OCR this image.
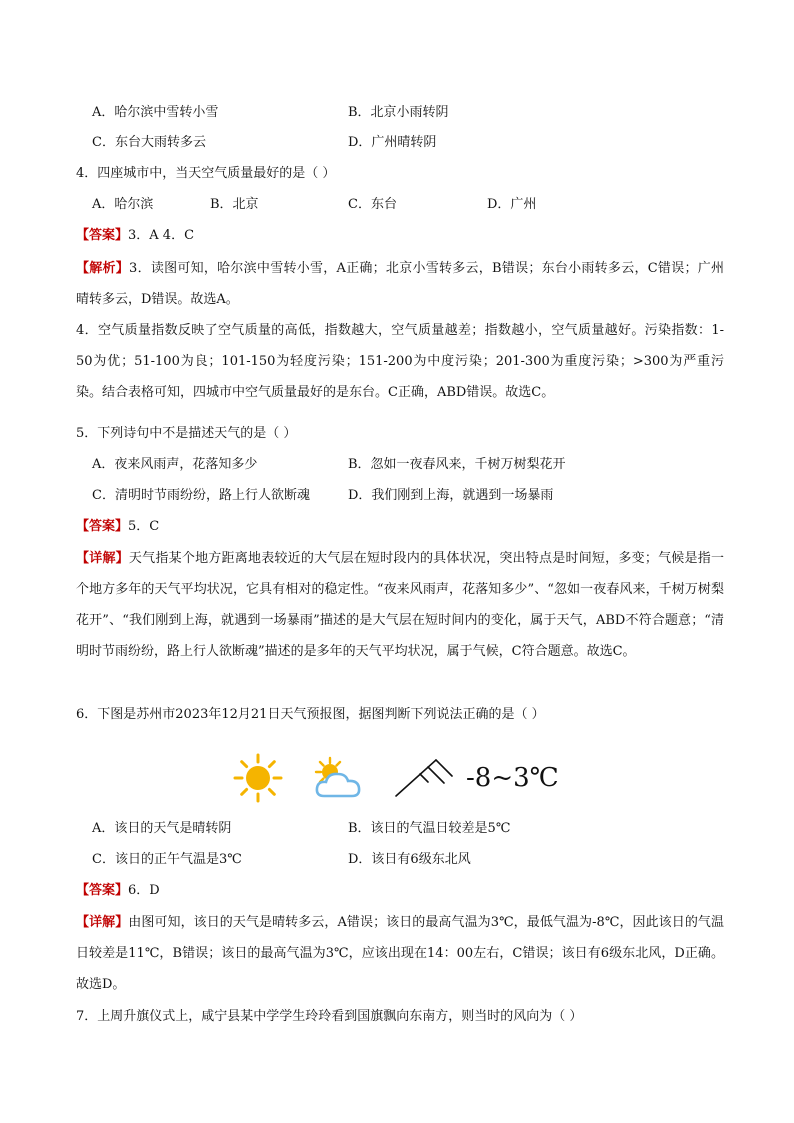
A．哈尔滨中雪转小雪	B．北京小雨转阴
C．东台大雨转多云	D．广州晴转阴
4．四座城市中，当天空气质量最好的是（ ）
A．哈尔滨	B．北京	C．东台	D．广州
【答案】3．A 4．C
【解析】3．读图可知，哈尔滨中雪转小雪，A正确；北京小雪转多云，B错误；东台小雨转多云，C错误；广州晴转多云，D错误。故选A。
4．空气质量指数反映了空气质量的高低，指数越大，空气质量越差；指数越小，空气质量越好。污染指数：1-50为优；51-100为良；101-150为轻度污染；151-200为中度污染；201-300为重度污染；>300为严重污染。结合表格可知，四城市中空气质量最好的是东台。C正确，ABD错误。故选C。
5．下列诗句中不是描述天气的是（ ）
A．夜来风雨声，花落知多少	B．忽如一夜春风来，千树万树梨花开
C．清明时节雨纷纷，路上行人欲断魂	D．我们刚到上海，就遇到一场暴雨
【答案】5．C
【详解】天气指某个地方距离地表较近的大气层在短时段内的具体状况，突出特点是时间短，多变；气候是指一个地方多年的天气平均状况，它具有相对的稳定性。“夜来风雨声，花落知多少”、“忽如一夜春风来，千树万树梨花开”、“我们刚到上海，就遇到一场暴雨”描述的是大气层在短时间内的变化，属于天气，ABD不符合题意；“清明时节雨纷纷，路上行人欲断魂”描述的是多年的天气平均状况，属于气候，C符合题意。故选C。
6．下图是苏州市2023年12月21日天气预报图，据图判断下列说法正确的是（ ）
-8~3℃
A．该日的天气是晴转阴	B．该日的气温日较差是5℃
C．该日的正午气温是3℃	D．该日有6级东北风
【答案】6．D
【详解】由图可知，该日的天气是晴转多云，A错误；该日的最高气温为3℃，最低气温为-8℃，因此该日的气温日较差是11℃，B错误；该日的最高气温为3℃，应该出现在14：00左右，C错误；该日有6级东北风，D正确。故选D。
7．上周升旗仪式上，咸宁县某中学学生玲玲看到国旗飘向东南方，则当时的风向为（ ）
